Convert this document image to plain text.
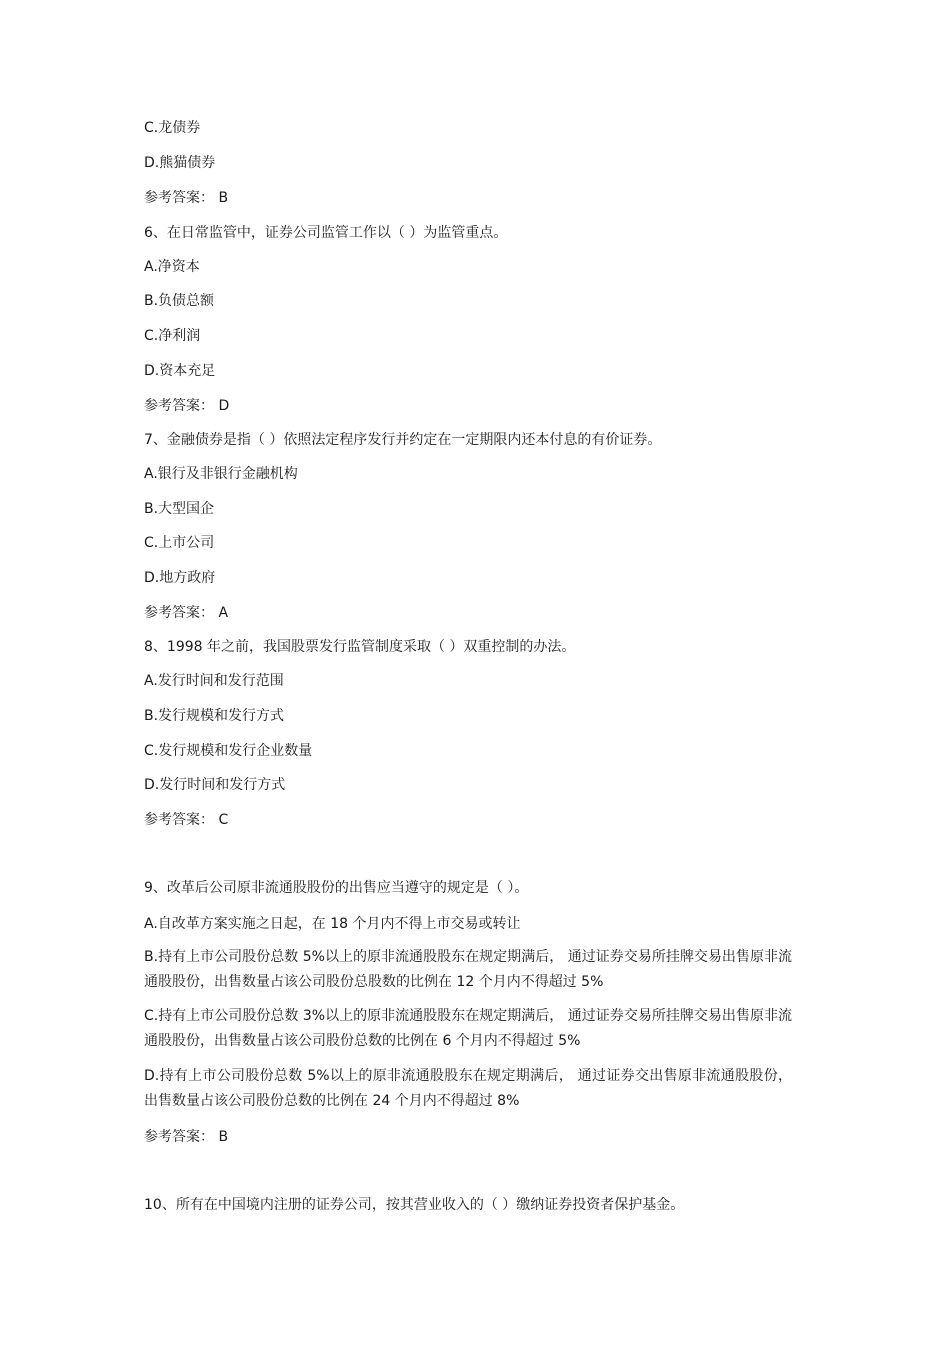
C.龙债券
D.熊猫债券
参考答案： B
6、在日常监管中，证券公司监管工作以（ ）为监管重点。
A.净资本
B.负债总额
C.净利润
D.资本充足
参考答案： D
7、金融债券是指（ ）依照法定程序发行并约定在一定期限内还本付息的有价证券。
A.银行及非银行金融机构
B.大型国企
C.上市公司
D.地方政府
参考答案： A
8、1998 年之前，我国股票发行监管制度采取（ ）双重控制的办法。
A.发行时间和发行范围
B.发行规模和发行方式
C.发行规模和发行企业数量
D.发行时间和发行方式
参考答案： C
9、改革后公司原非流通股股份的出售应当遵守的规定是（ ）。
A.自改革方案实施之日起，在 18 个月内不得上市交易或转让
B.持有上市公司股份总数 5%以上的原非流通股股东在规定期满后， 通过证券交易所挂牌交易出售原非流通股股份，出售数量占该公司股份总股数的比例在 12 个月内不得超过 5%
C.持有上市公司股份总数 3%以上的原非流通股股东在规定期满后， 通过证券交易所挂牌交易出售原非流通股股份，出售数量占该公司股份总数的比例在 6 个月内不得超过 5%
D.持有上市公司股份总数 5%以上的原非流通股股东在规定期满后， 通过证券交出售原非流通股股份，出售数量占该公司股份总数的比例在 24 个月内不得超过 8%
参考答案： B
10、所有在中国境内注册的证券公司，按其营业收入的（ ）缴纳证券投资者保护基金。
